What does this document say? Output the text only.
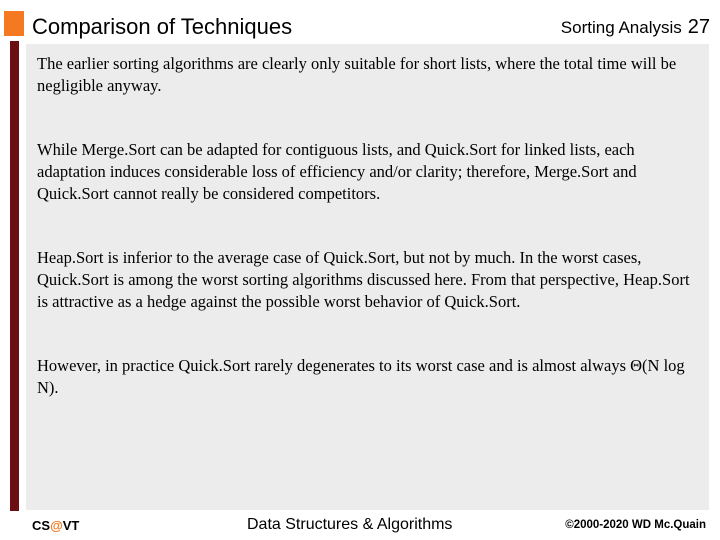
Comparison of Techniques	Sorting Analysis 27
The earlier sorting algorithms are clearly only suitable for short lists, where the total time will be negligible anyway.
While Merge.Sort can be adapted for contiguous lists, and Quick.Sort for linked lists, each adaptation induces considerable loss of efficiency and/or clarity; therefore, Merge.Sort and Quick.Sort cannot really be considered competitors.
Heap.Sort is inferior to the average case of Quick.Sort, but not by much. In the worst cases, Quick.Sort is among the worst sorting algorithms discussed here. From that perspective, Heap.Sort is attractive as a hedge against the possible worst behavior of Quick.Sort.
However, in practice Quick.Sort rarely degenerates to its worst case and is almost always Θ(N log N).
CS@VT	Data Structures & Algorithms	©2000-2020 WD Mc.Quain
